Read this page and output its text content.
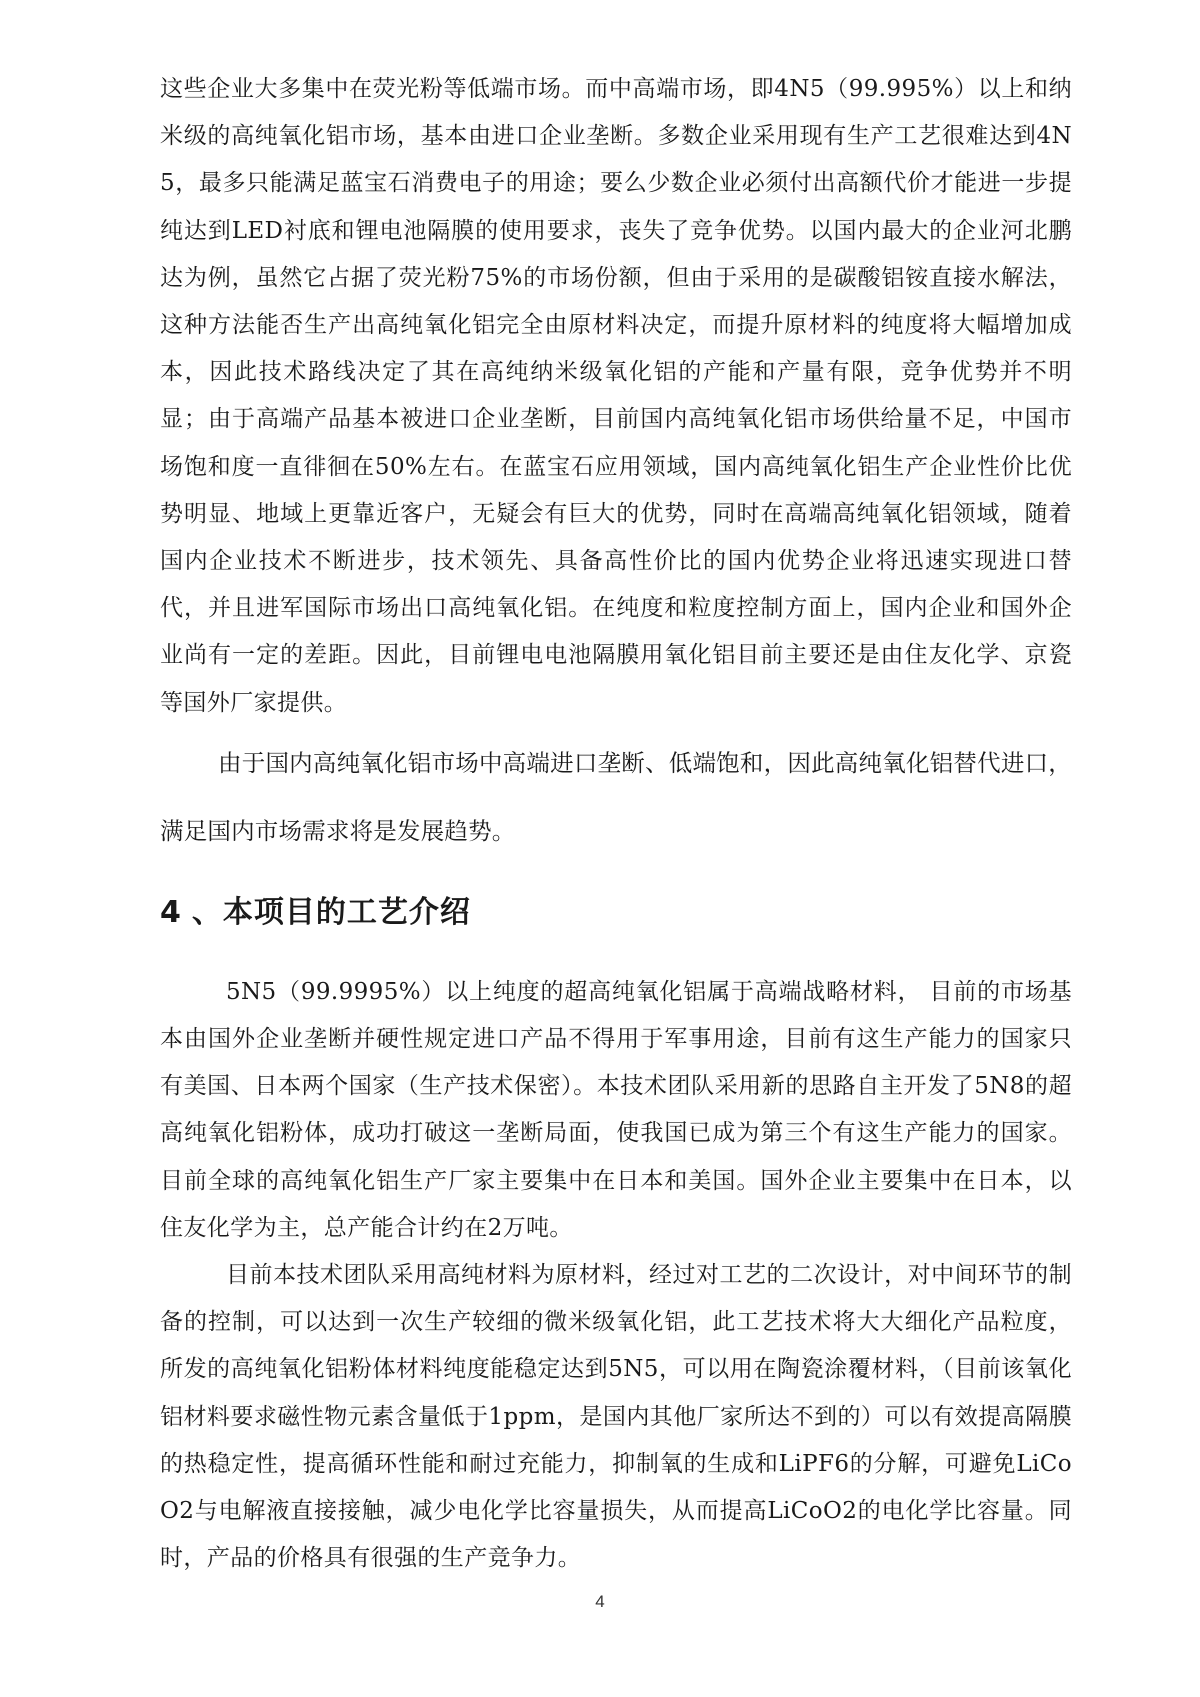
这些企业大多集中在荧光粉等低端市场。而中高端市场，即4N5（99.995%）以上和纳米级的高纯氧化铝市场，基本由进口企业垄断。多数企业采用现有生产工艺很难达到4N5，最多只能满足蓝宝石消费电子的用途；要么少数企业必须付出高额代价才能进一步提纯达到LED衬底和锂电池隔膜的使用要求，丧失了竞争优势。以国内最大的企业河北鹏达为例，虽然它占据了荧光粉75%的市场份额，但由于采用的是碳酸铝铵直接水解法，这种方法能否生产出高纯氧化铝完全由原材料决定，而提升原材料的纯度将大幅增加成本，因此技术路线决定了其在高纯纳米级氧化铝的产能和产量有限，竞争优势并不明显；由于高端产品基本被进口企业垄断，目前国内高纯氧化铝市场供给量不足，中国市场饱和度一直徘徊在50%左右。在蓝宝石应用领域，国内高纯氧化铝生产企业性价比优势明显、地域上更靠近客户，无疑会有巨大的优势，同时在高端高纯氧化铝领域，随着国内企业技术不断进步，技术领先、具备高性价比的国内优势企业将迅速实现进口替代，并且进军国际市场出口高纯氧化铝。在纯度和粒度控制方面上，国内企业和国外企业尚有一定的差距。因此，目前锂电电池隔膜用氧化铝目前主要还是由住友化学、京瓷等国外厂家提供。

由于国内高纯氧化铝市场中高端进口垄断、低端饱和，因此高纯氧化铝替代进口，满足国内市场需求将是发展趋势。

4 、本项目的工艺介绍

5N5（99.9995%）以上纯度的超高纯氧化铝属于高端战略材料， 目前的市场基本由国外企业垄断并硬性规定进口产品不得用于军事用途，目前有这生产能力的国家只有美国、日本两个国家（生产技术保密）。本技术团队采用新的思路自主开发了5N8的超高纯氧化铝粉体，成功打破这一垄断局面，使我国已成为第三个有这生产能力的国家。目前全球的高纯氧化铝生产厂家主要集中在日本和美国。国外企业主要集中在日本，以住友化学为主，总产能合计约在2万吨。

目前本技术团队采用高纯材料为原材料，经过对工艺的二次设计，对中间环节的制备的控制，可以达到一次生产较细的微米级氧化铝，此工艺技术将大大细化产品粒度，所发的高纯氧化铝粉体材料纯度能稳定达到5N5，可以用在陶瓷涂覆材料，（目前该氧化铝材料要求磁性物元素含量低于1ppm，是国内其他厂家所达不到的）可以有效提高隔膜的热稳定性，提高循环性能和耐过充能力，抑制氧的生成和LiPF6的分解，可避免LiCoO2与电解液直接接触，减少电化学比容量损失，从而提高LiCoO2的电化学比容量。同时，产品的价格具有很强的生产竞争力。

4
